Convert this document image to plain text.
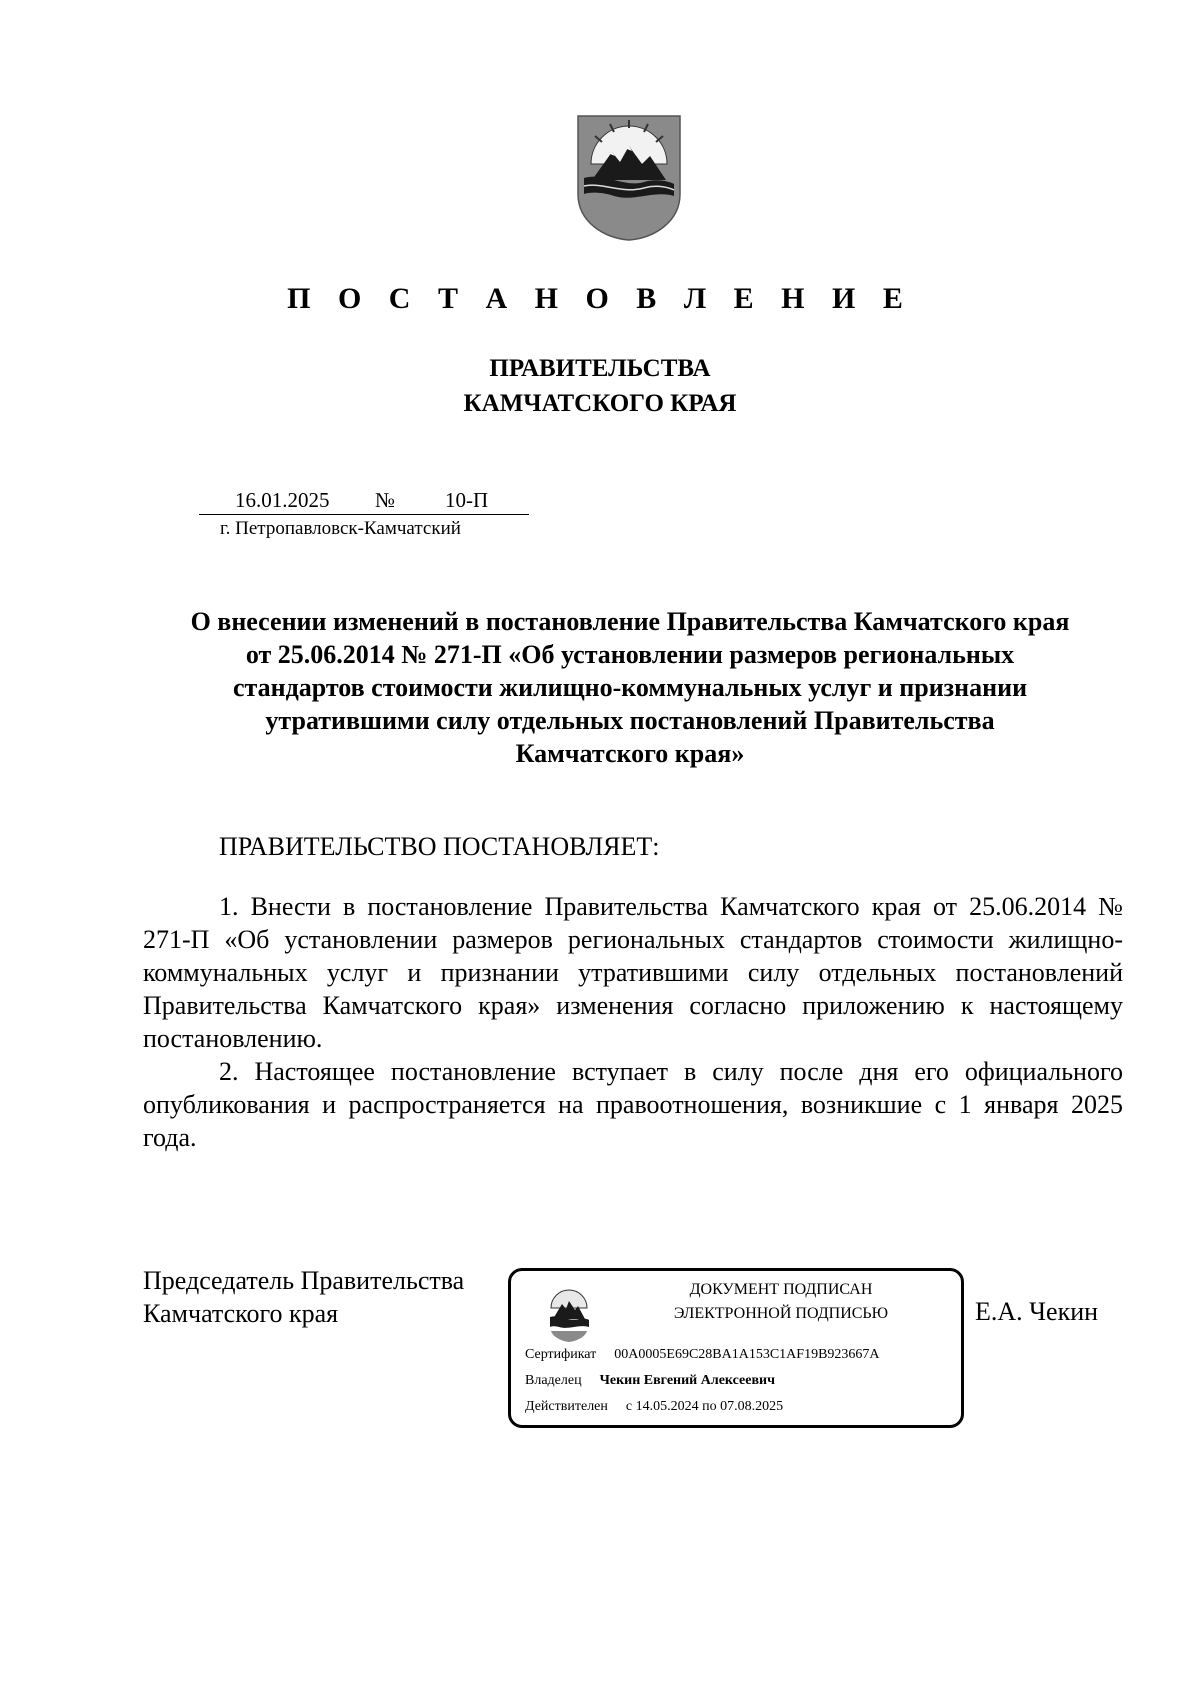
П О С Т А Н О В Л Е Н И Е
ПРАВИТЕЛЬСТВА
КАМЧАТСКОГО КРАЯ
16.01.2025 № 10-П
г. Петропавловск-Камчатский
О внесении изменений в постановление Правительства Камчатского края
от 25.06.2014 № 271-П «Об установлении размеров региональных
стандартов стоимости жилищно-коммунальных услуг и признании
утратившими силу отдельных постановлений Правительства
Камчатского края»
ПРАВИТЕЛЬСТВО ПОСТАНОВЛЯЕТ:

1. Внести в постановление Правительства Камчатского края от 25.06.2014 № 271-П «Об установлении размеров региональных стандартов стоимости жилищно-коммунальных услуг и признании утратившими силу отдельных постановлений Правительства Камчатского края» изменения согласно приложению к настоящему постановлению.

2. Настоящее постановление вступает в силу после дня его официального опубликования и распространяется на правоотношения, возникшие с 1 января 2025 года.

Председатель Правительства
Камчатского края
ДОКУМЕНТ ПОДПИСАН
ЭЛЕКТРОННОЙ ПОДПИСЬЮ
Сертификат 00A0005E69C28BA1A153C1AF19B923667A
Владелец Чекин Евгений Алексеевич
Действителен с 14.05.2024 по 07.08.2025
Е.А. Чекин
